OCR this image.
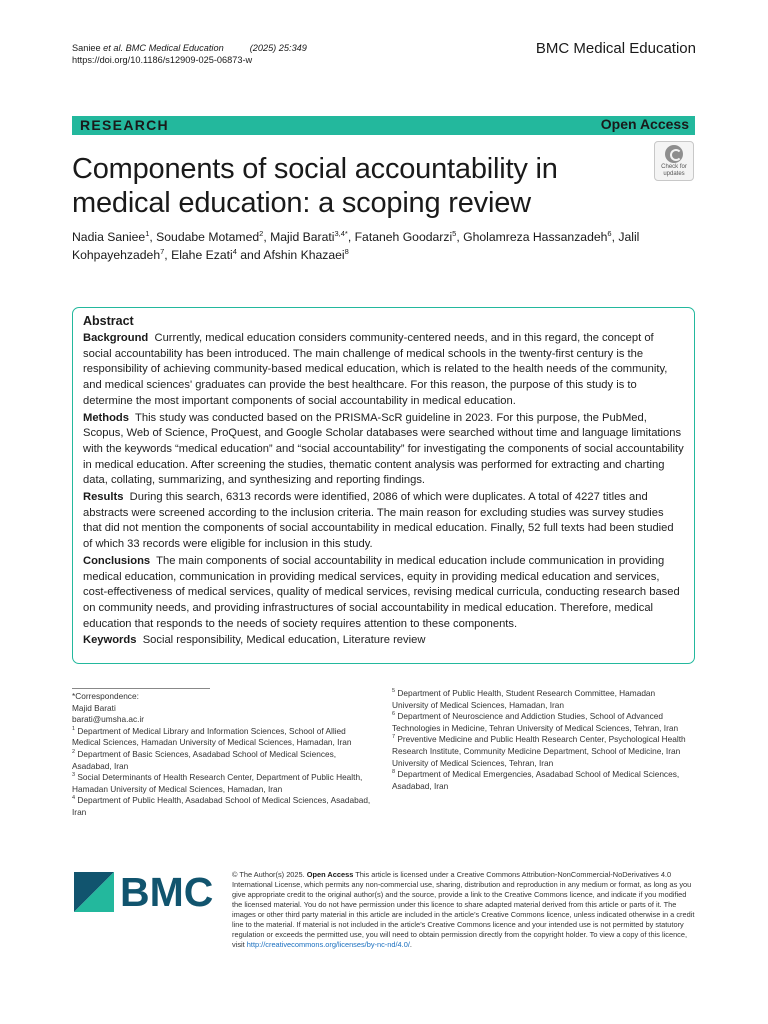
Saniee et al. BMC Medical Education	(2025) 25:349
https://doi.org/10.1186/s12909-025-06873-w
BMC Medical Education
RESEARCH	Open Access
Components of social accountability in medical education: a scoping review
Check for
updates
Nadia Saniee$^1$, Soudabe Motamed$^2$, Majid Barati$^{3,4*}$, Fataneh Goodarzi$^5$, Gholamreza Hassanzadeh$^6$, Jalil Kohpayehzadeh$^7$, Elahe Ezati$^4$ and Afshin Khazaei$^8$
Abstract

Background Currently, medical education considers community-centered needs, and in this regard, the concept of social accountability has been introduced. The main challenge of medical schools in the twenty-first century is the responsibility of achieving community-based medical education, which is related to the health needs of the community, and medical sciences' graduates can provide the best healthcare. For this reason, the purpose of this study is to determine the most important components of social accountability in medical education.

Methods This study was conducted based on the PRISMA-ScR guideline in 2023. For this purpose, the PubMed, Scopus, Web of Science, ProQuest, and Google Scholar databases were searched without time and language limitations with the keywords “medical education” and “social accountability” for investigating the components of social accountability in medical education. After screening the studies, thematic content analysis was performed for extracting and charting data, collating, summarizing, and synthesizing and reporting findings.

Results During this search, 6313 records were identified, 2086 of which were duplicates. A total of 4227 titles and abstracts were screened according to the inclusion criteria. The main reason for excluding studies was survey studies that did not mention the components of social accountability in medical education. Finally, 52 full texts had been studied of which 33 records were eligible for inclusion in this study.

Conclusions The main components of social accountability in medical education include communication in providing medical education, communication in providing medical services, equity in providing medical education and services, cost-effectiveness of medical services, quality of medical services, revising medical curricula, conducting research based on community needs, and providing infrastructures of social accountability in medical education. Therefore, medical education that responds to the needs of society requires attention to these components.

Keywords Social responsibility, Medical education, Literature review

*Correspondence:
Majid Barati
barati@umsha.ac.ir
$^1$ Department of Medical Library and Information Sciences, School of Allied Medical Sciences, Hamadan University of Medical Sciences, Hamadan, Iran
$^2$ Department of Basic Sciences, Asadabad School of Medical Sciences, Asadabad, Iran
$^3$ Social Determinants of Health Research Center, Department of Public Health, Hamadan University of Medical Sciences, Hamadan, Iran
$^4$ Department of Public Health, Asadabad School of Medical Sciences, Asadabad, Iran
$^5$ Department of Public Health, Student Research Committee, Hamadan University of Medical Sciences, Hamadan, Iran
$^6$ Department of Neuroscience and Addiction Studies, School of Advanced Technologies in Medicine, Tehran University of Medical Sciences, Tehran, Iran
$^7$ Preventive Medicine and Public Health Research Center, Psychological Health Research Institute, Community Medicine Department, School of Medicine, Iran University of Medical Sciences, Tehran, Iran
$^8$ Department of Medical Emergencies, Asadabad School of Medical Sciences, Asadabad, Iran
BMC	© The Author(s) 2025. Open Access This article is licensed under a Creative Commons Attribution-NonCommercial-NoDerivatives 4.0 International License, which permits any non-commercial use, sharing, distribution and reproduction in any medium or format, as long as you give appropriate credit to the original author(s) and the source, provide a link to the Creative Commons licence, and indicate if you modified the licensed material. You do not have permission under this licence to share adapted material derived from this article or parts of it. The images or other third party material in this article are included in the article’s Creative Commons licence, unless indicated otherwise in a credit line to the material. If material is not included in the article’s Creative Commons licence and your intended use is not permitted by statutory regulation or exceeds the permitted use, you will need to obtain permission directly from the copyright holder. To view a copy of this licence, visit http://creativecommons.org/licenses/by-nc-nd/4.0/.
